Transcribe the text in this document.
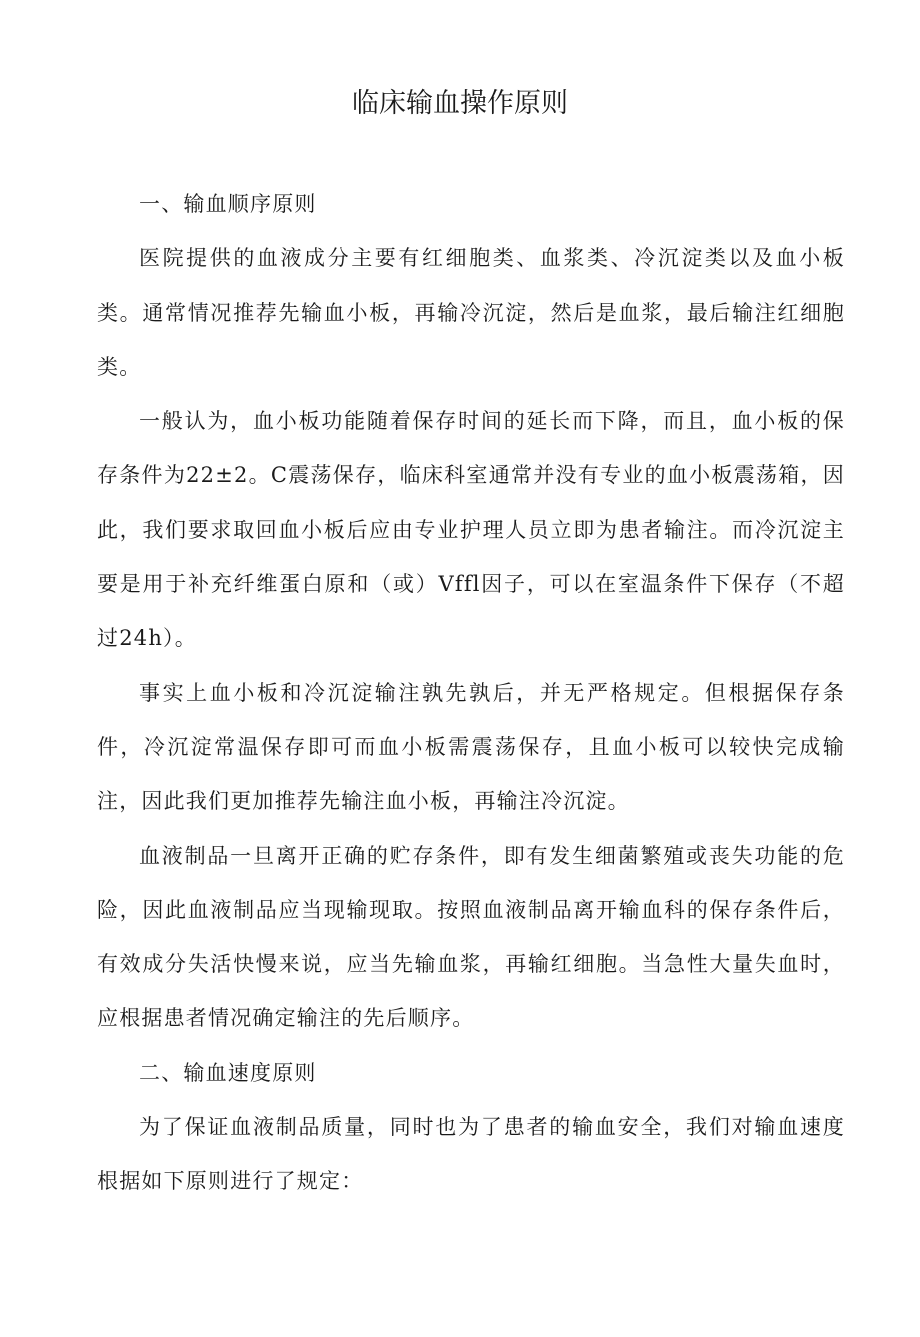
临床输血操作原则

一、输血顺序原则

医院提供的血液成分主要有红细胞类、血浆类、冷沉淀类以及血小板类。通常情况推荐先输血小板，再输冷沉淀，然后是血浆，最后输注红细胞类。

一般认为，血小板功能随着保存时间的延长而下降，而且，血小板的保存条件为22±2。C震荡保存，临床科室通常并没有专业的血小板震荡箱，因此，我们要求取回血小板后应由专业护理人员立即为患者输注。而冷沉淀主要是用于补充纤维蛋白原和（或）Vffl因子，可以在室温条件下保存（不超过24h）。

事实上血小板和冷沉淀输注孰先孰后，并无严格规定。但根据保存条件，冷沉淀常温保存即可而血小板需震荡保存，且血小板可以较快完成输注，因此我们更加推荐先输注血小板，再输注冷沉淀。

血液制品一旦离开正确的贮存条件，即有发生细菌繁殖或丧失功能的危险，因此血液制品应当现输现取。按照血液制品离开输血科的保存条件后，有效成分失活快慢来说，应当先输血浆，再输红细胞。当急性大量失血时，应根据患者情况确定输注的先后顺序。

二、输血速度原则

为了保证血液制品质量，同时也为了患者的输血安全，我们对输血速度根据如下原则进行了规定：
